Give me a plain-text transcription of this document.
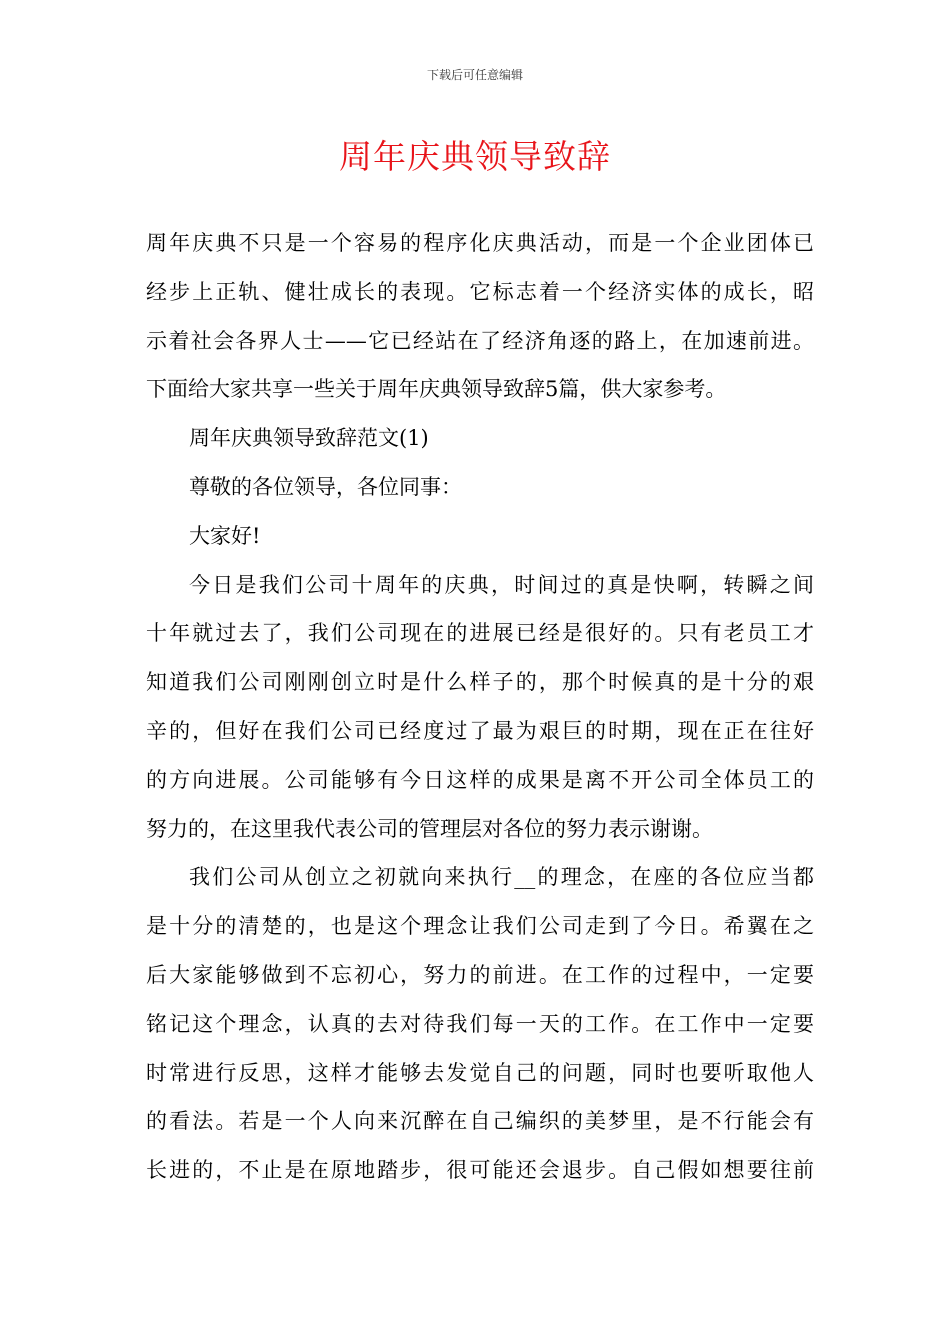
下载后可任意编辑
周年庆典领导致辞
周年庆典不只是一个容易的程序化庆典活动，而是一个企业团体已
经步上正轨、健壮成长的表现。它标志着一个经济实体的成长，昭
示着社会各界人士——它已经站在了经济角逐的路上，在加速前进。
下面给大家共享一些关于周年庆典领导致辞5篇，供大家参考。
周年庆典领导致辞范文(1)
尊敬的各位领导，各位同事：
大家好!
今日是我们公司十周年的庆典，时间过的真是快啊，转瞬之间
十年就过去了，我们公司现在的进展已经是很好的。只有老员工才
知道我们公司刚刚创立时是什么样子的，那个时候真的是十分的艰
辛的，但好在我们公司已经度过了最为艰巨的时期，现在正在往好
的方向进展。公司能够有今日这样的成果是离不开公司全体员工的
努力的，在这里我代表公司的管理层对各位的努力表示谢谢。
我们公司从创立之初就向来执行__的理念，在座的各位应当都
是十分的清楚的，也是这个理念让我们公司走到了今日。希翼在之
后大家能够做到不忘初心，努力的前进。在工作的过程中，一定要
铭记这个理念，认真的去对待我们每一天的工作。在工作中一定要
时常进行反思，这样才能够去发觉自己的问题，同时也要听取他人
的看法。若是一个人向来沉醉在自己编织的美梦里，是不行能会有
长进的，不止是在原地踏步，很可能还会退步。自己假如想要往前
